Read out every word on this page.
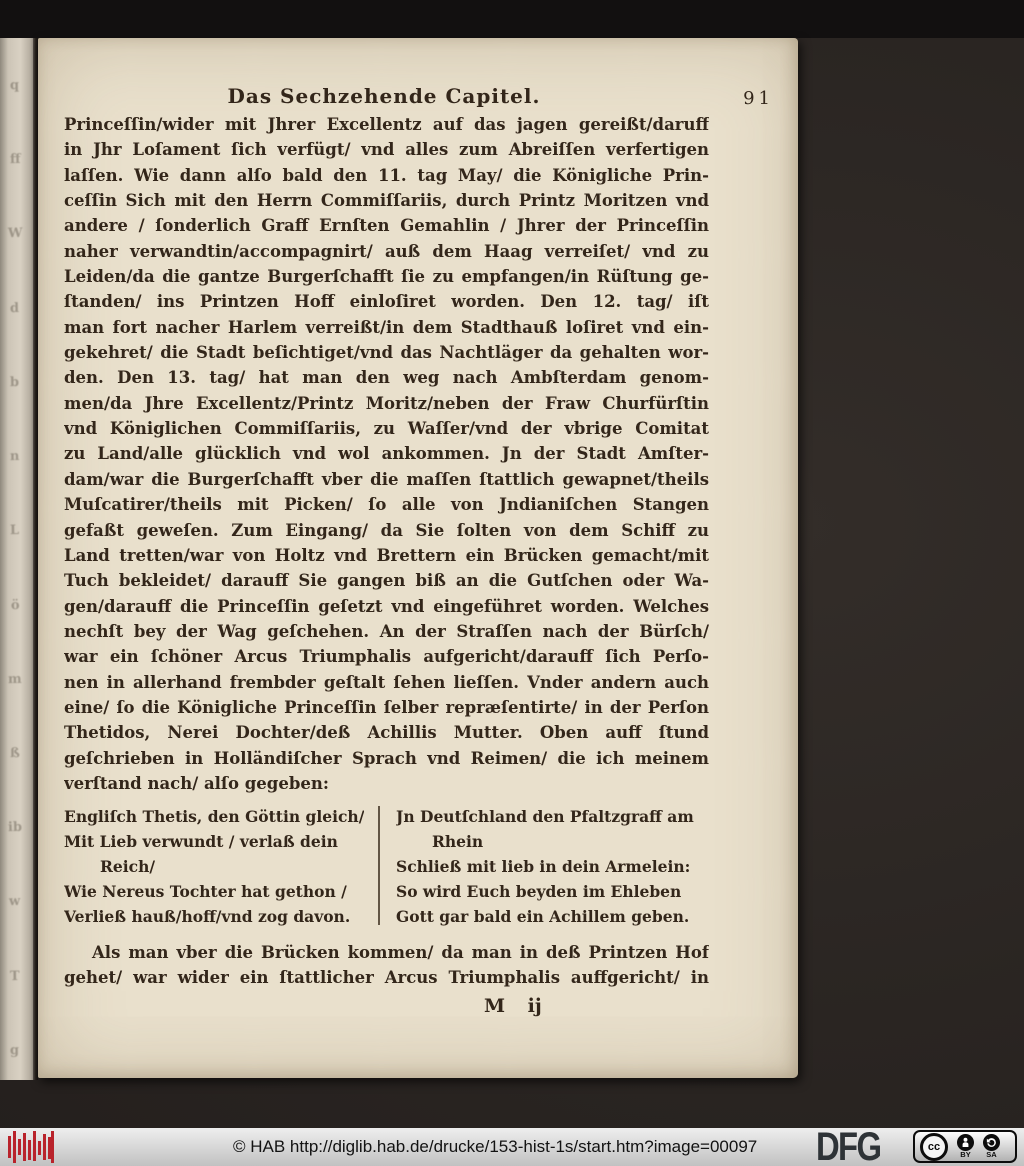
q
ff
W
d
b
n
L
ö
m
ß
ib
w
T
g
Das Sechzehende Capitel.	91
Princeſſin/wider mit Jhrer Excellentz auf das jagen gereißt/daruff
in Jhr Loſament ſich verfügt/ vnd alles zum Abreiſſen verfertigen
laſſen. Wie dann alſo bald den 11. tag May/ die Königliche Prin-
ceſſin Sich mit den Herrn Commiſſariis, durch Printz Moritzen vnd
andere / ſonderlich Graff Ernſten Gemahlin / Jhrer der Princeſſin
naher verwandtin/accompagnirt/ auß dem Haag verreiſet/ vnd zu
Leiden/da die gantze Burgerſchafft ſie zu empfangen/in Rüſtung ge-
ſtanden/ ins Printzen Hoff einloſiret worden. Den 12. tag/ iſt
man fort nacher Harlem verreißt/in dem Stadthauß loſiret vnd ein-
gekehret/ die Stadt beſichtiget/vnd das Nachtläger da gehalten wor-
den. Den 13. tag/ hat man den weg nach Ambſterdam genom-
men/da Jhre Excellentz/Printz Moritz/neben der Fraw Churfürſtin
vnd Königlichen Commiſſariis, zu Waſſer/vnd der vbrige Comitat
zu Land/alle glücklich vnd wol ankommen. Jn der Stadt Amſter-
dam/war die Burgerſchafft vber die maſſen ſtattlich gewapnet/theils
Muſcatirer/theils mit Picken/ ſo alle von Jndianiſchen Stangen
gefaßt geweſen. Zum Eingang/ da Sie ſolten von dem Schiff zu
Land tretten/war von Holtz vnd Brettern ein Brücken gemacht/mit
Tuch bekleidet/ darauff Sie gangen biß an die Gutſchen oder Wa-
gen/darauff die Princeſſin geſetzt vnd eingeführet worden. Welches
nechſt bey der Wag geſchehen. An der Straſſen nach der Bürſch/
war ein ſchöner Arcus Triumphalis aufgericht/darauff ſich Perſo-
nen in allerhand frembder geſtalt ſehen lieſſen. Vnder andern auch
eine/ ſo die Königliche Princeſſin ſelber repræſentirte/ in der Perſon
Thetidos, Nerei Dochter/deß Achillis Mutter. Oben auff ſtund
geſchrieben in Holländiſcher Sprach vnd Reimen/ die ich meinem
verſtand nach/ alſo gegeben:
Engliſch Thetis, den Göttin gleich/
Mit Lieb verwundt / verlaß dein
Reich/
Wie Nereus Tochter hat gethon /
Verließ hauß/hoff/vnd zog davon.
Jn Deutſchland den Pfaltzgraff am
Rhein
Schließ mit lieb in dein Armelein:
So wird Euch beyden im Ehleben
Gott gar bald ein Achillem geben.
Als man vber die Brücken kommen/ da man in deß Printzen Hof
gehet/ war wider ein ſtattlicher Arcus Triumphalis auffgericht/ in
M ij
© HAB http://diglib.hab.de/drucke/153-hist-1s/start.htm?image=00097 DFG	cc
BY SA
